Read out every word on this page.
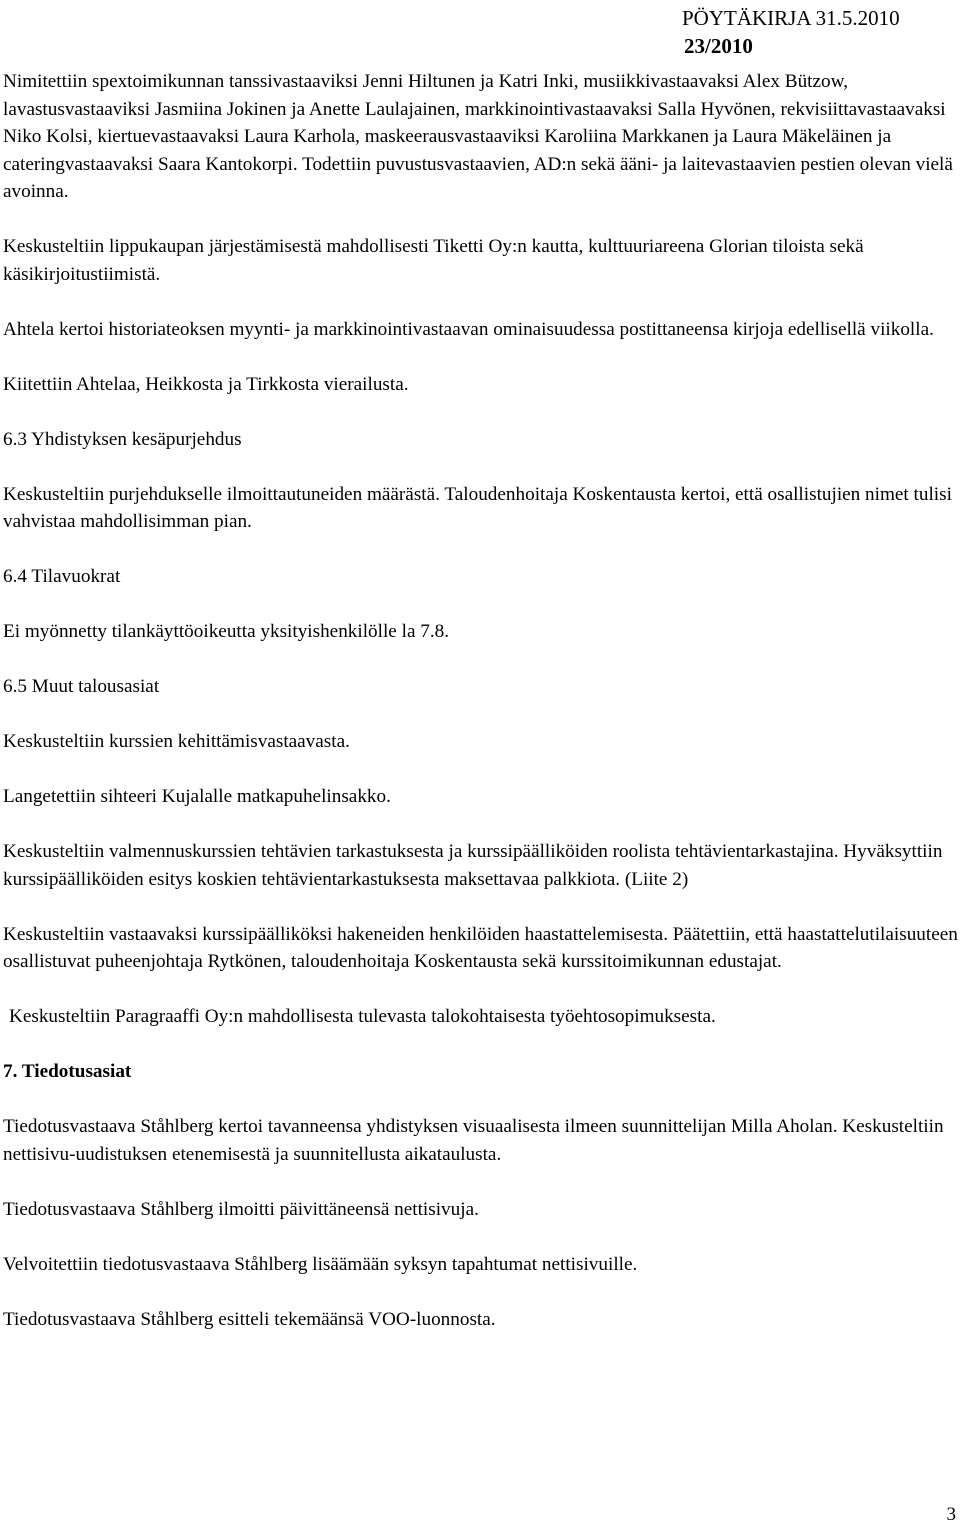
PÖYTÄKIRJA 31.5.2010
23/2010

Nimitettiin spextoimikunnan tanssivastaaviksi Jenni Hiltunen ja Katri Inki, musiikkivastaavaksi Alex Bützow, lavastusvastaaviksi Jasmiina Jokinen ja Anette Laulajainen, markkinointivastaavaksi Salla Hyvönen, rekvisiittavastaavaksi Niko Kolsi, kiertuevastaavaksi Laura Karhola, maskeerausvastaaviksi Karoliina Markkanen ja Laura Mäkeläinen ja cateringvastaavaksi Saara Kantokorpi. Todettiin puvustusvastaavien, AD:n sekä ääni- ja laitevastaavien pestien olevan vielä avoinna.

Keskusteltiin lippukaupan järjestämisestä mahdollisesti Tiketti Oy:n kautta, kulttuuriareena Glorian tiloista sekä käsikirjoitustiimistä.

Ahtela kertoi historiateoksen myynti- ja markkinointivastaavan ominaisuudessa postittaneensa kirjoja edellisellä viikolla.

Kiitettiin Ahtelaa, Heikkosta ja Tirkkosta vierailusta.

6.3 Yhdistyksen kesäpurjehdus

Keskusteltiin purjehdukselle ilmoittautuneiden määrästä. Taloudenhoitaja Koskentausta kertoi, että osallistujien nimet tulisi vahvistaa mahdollisimman pian.

6.4 Tilavuokrat

Ei myönnetty tilankäyttöoikeutta yksityishenkilölle la 7.8.

6.5 Muut talousasiat

Keskusteltiin kurssien kehittämisvastaavasta.

Langetettiin sihteeri Kujalalle matkapuhelinsakko.

Keskusteltiin valmennuskurssien tehtävien tarkastuksesta ja kurssipäälliköiden roolista tehtävientarkastajina. Hyväksyttiin kurssipäälliköiden esitys koskien tehtävientarkastuksesta maksettavaa palkkiota. (Liite 2)

Keskusteltiin vastaavaksi kurssipäälliköksi hakeneiden henkilöiden haastattelemisesta. Päätettiin, että haastattelutilaisuuteen osallistuvat puheenjohtaja Rytkönen, taloudenhoitaja Koskentausta sekä kurssitoimikunnan edustajat.

Keskusteltiin Paragraaffi Oy:n mahdollisesta tulevasta talokohtaisesta työehtosopimuksesta.

7. Tiedotusasiat

Tiedotusvastaava Ståhlberg kertoi tavanneensa yhdistyksen visuaalisesta ilmeen suunnittelijan Milla Aholan. Keskusteltiin nettisivu-uudistuksen etenemisestä ja suunnitellusta aikataulusta.

Tiedotusvastaava Ståhlberg ilmoitti päivittäneensä nettisivuja.

Velvoitettiin tiedotusvastaava Ståhlberg lisäämään syksyn tapahtumat nettisivuille.

Tiedotusvastaava Ståhlberg esitteli tekemäänsä VOO-luonnosta.

3
